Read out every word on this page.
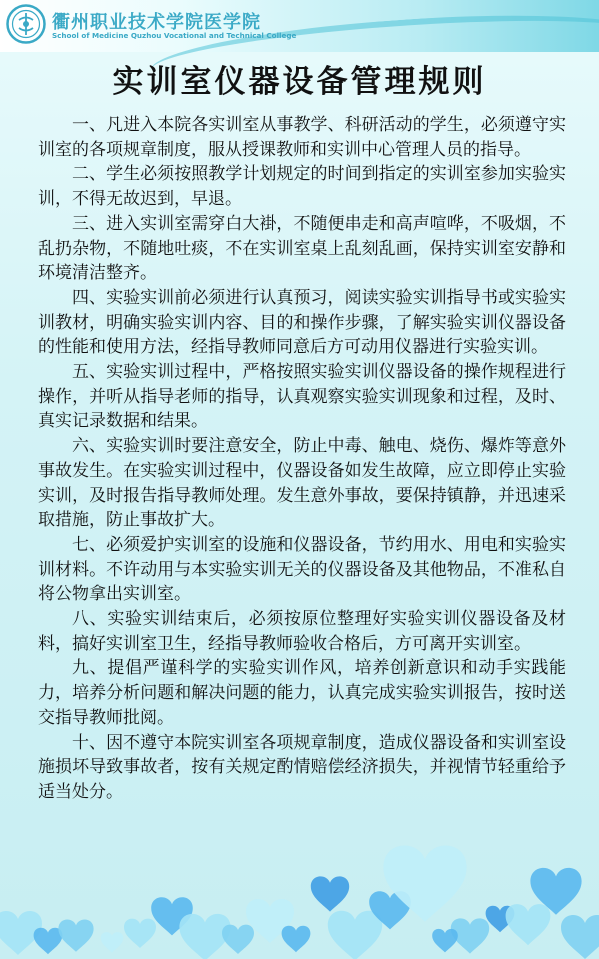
衢州职业技术学院医学院
School of Medicine Quzhou Vocational and Technical College
实训室仪器设备管理规则

一、凡进入本院各实训室从事教学、科研活动的学生，必须遵守实训室的各项规章制度，服从授课教师和实训中心管理人员的指导。

二、学生必须按照教学计划规定的时间到指定的实训室参加实验实训，不得无故迟到，早退。

三、进入实训室需穿白大褂，不随便串走和高声喧哗，不吸烟，不乱扔杂物，不随地吐痰，不在实训室桌上乱刻乱画，保持实训室安静和环境清洁整齐。

四、实验实训前必须进行认真预习，阅读实验实训指导书或实验实训教材，明确实验实训内容、目的和操作步骤，了解实验实训仪器设备的性能和使用方法，经指导教师同意后方可动用仪器进行实验实训。

五、实验实训过程中，严格按照实验实训仪器设备的操作规程进行操作，并听从指导老师的指导，认真观察实验实训现象和过程，及时、真实记录数据和结果。

六、实验实训时要注意安全，防止中毒、触电、烧伤、爆炸等意外事故发生。在实验实训过程中，仪器设备如发生故障，应立即停止实验实训，及时报告指导教师处理。发生意外事故，要保持镇静，并迅速采取措施，防止事故扩大。

七、必须爱护实训室的设施和仪器设备，节约用水、用电和实验实训材料。不许动用与本实验实训无关的仪器设备及其他物品，不准私自将公物拿出实训室。

八、实验实训结束后，必须按原位整理好实验实训仪器设备及材料，搞好实训室卫生，经指导教师验收合格后，方可离开实训室。

九、提倡严谨科学的实验实训作风，培养创新意识和动手实践能力，培养分析问题和解决问题的能力，认真完成实验实训报告，按时送交指导教师批阅。

十、因不遵守本院实训室各项规章制度，造成仪器设备和实训室设施损坏导致事故者，按有关规定酌情赔偿经济损失，并视情节轻重给予适当处分。
